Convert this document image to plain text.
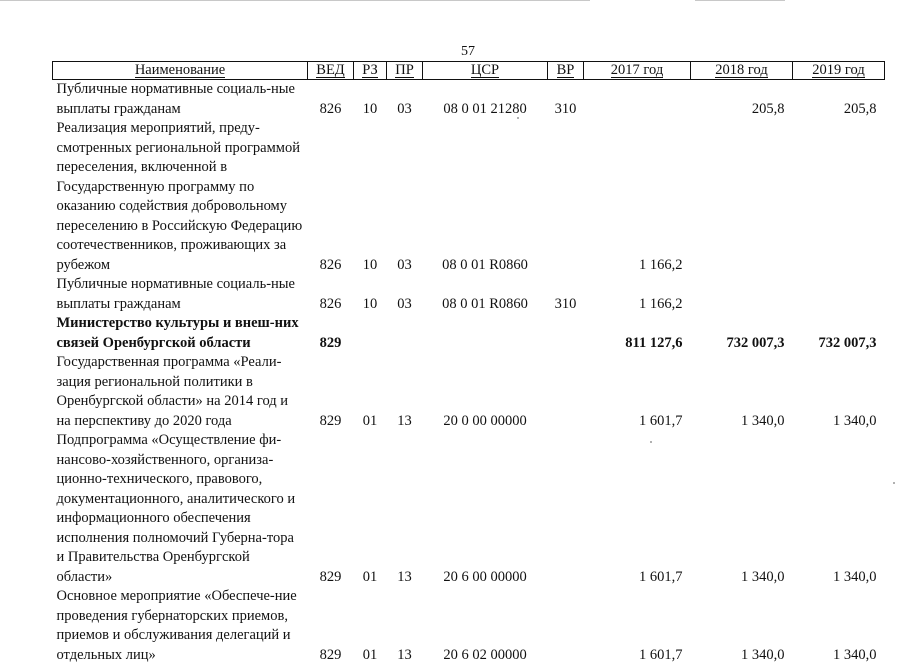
57
Наименование	ВЕД	РЗ	ПР	ЦСР	ВР	2017 год	2018 год	2019 год
Публичные нормативные социаль-ные выплаты гражданам	826	10	03	08 0 01 21280	310		205,8	205,8
Реализация мероприятий, преду-смотренных региональной программой переселения, включенной в Государственную программу по оказанию содействия добровольному переселению в Российскую Федерацию соотечественников, проживающих за рубежом	826	10	03	08 0 01 R0860		1 166,2		
Публичные нормативные социаль-ные выплаты гражданам	826	10	03	08 0 01 R0860	310	1 166,2		
Министерство культуры и внеш-них связей Оренбургской области	829					811 127,6	732 007,3	732 007,3
Государственная программа «Реали-зация региональной политики в Оренбургской области» на 2014 год и на перспективу до 2020 года	829	01	13	20 0 00 00000		1 601,7	1 340,0	1 340,0
Подпрограмма «Осуществление фи-нансово-хозяйственного, организа-ционно-технического, правового, документационного, аналитического и информационного обеспечения исполнения полномочий Губерна-тора и Правительства Оренбургской области»	829	01	13	20 6 00 00000		1 601,7	1 340,0	1 340,0
Основное мероприятие «Обеспече-ние проведения губернаторских приемов, приемов и обслуживания делегаций и отдельных лиц»	829	01	13	20 6 02 00000		1 601,7	1 340,0	1 340,0
